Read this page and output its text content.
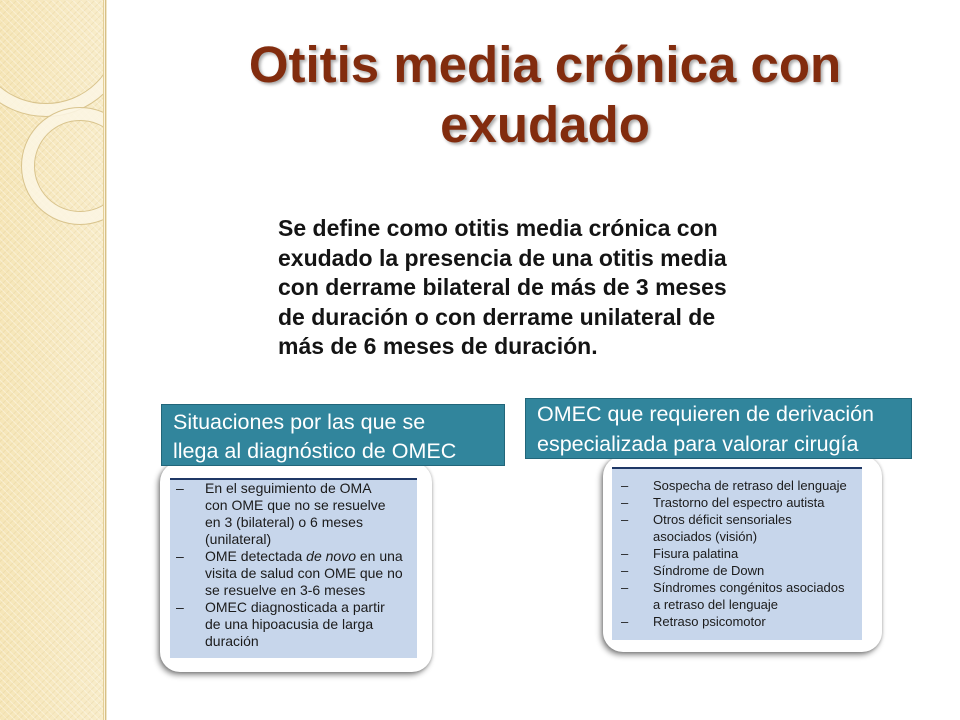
Otitis media crónica con
exudado
Se define como otitis media crónica con
exudado la presencia de una otitis media
con derrame bilateral de más de 3 meses
de duración o con derrame unilateral de
más de 6 meses de duración.
–	En el seguimiento de OMA
con OME que no se resuelve
en 3 (bilateral) o 6 meses
(unilateral)
–	OME detectada de novo en una
visita de salud con OME que no
se resuelve en 3-6 meses
–	OMEC diagnosticada a partir
de una hipoacusia de larga
duración
–	Sospecha de retraso del lenguaje
–	Trastorno del espectro autista
–	Otros déficit sensoriales
asociados (visión)
–	Fisura palatina
–	Síndrome de Down
–	Síndromes congénitos asociados
a retraso del lenguaje
–	Retraso psicomotor
Situaciones por las que se
llega al diagnóstico de OMEC
OMEC que requieren de derivación
especializada para valorar cirugía
